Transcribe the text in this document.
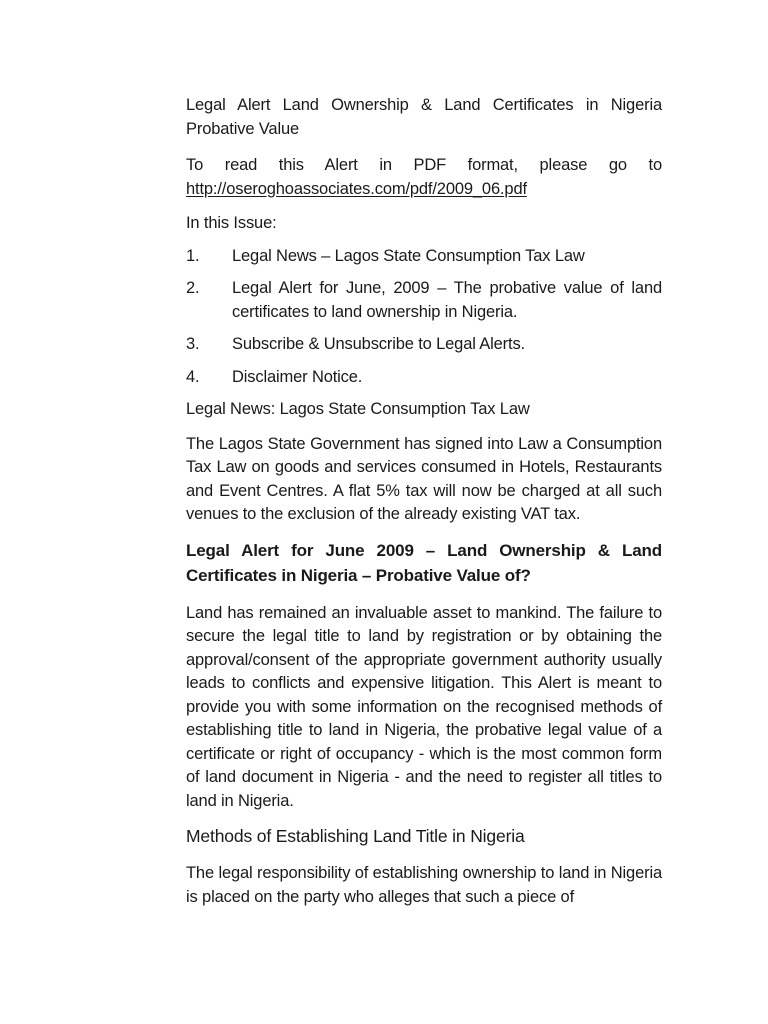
Legal Alert Land Ownership & Land Certificates in Nigeria Probative Value

To read this Alert in PDF format, please go to http://oseroghoassociates.com/pdf/2009_06.pdf

In this Issue:

1.	Legal News – Lagos State Consumption Tax Law
2.	Legal Alert for June, 2009 – The probative value of land certificates to land ownership in Nigeria.
3.	Subscribe & Unsubscribe to Legal Alerts.
4.	Disclaimer Notice.

Legal News: Lagos State Consumption Tax Law

The Lagos State Government has signed into Law a Consumption Tax Law on goods and services consumed in Hotels, Restaurants and Event Centres. A flat 5% tax will now be charged at all such venues to the exclusion of the already existing VAT tax.

Legal Alert for June 2009 – Land Ownership & Land Certificates in Nigeria – Probative Value of?

Land has remained an invaluable asset to mankind. The failure to secure the legal title to land by registration or by obtaining the approval/consent of the appropriate government authority usually leads to conflicts and expensive litigation. This Alert is meant to provide you with some information on the recognised methods of establishing title to land in Nigeria, the probative legal value of a certificate or right of occupancy - which is the most common form of land document in Nigeria - and the need to register all titles to land in Nigeria.

Methods of Establishing Land Title in Nigeria

The legal responsibility of establishing ownership to land in Nigeria is placed on the party who alleges that such a piece of
